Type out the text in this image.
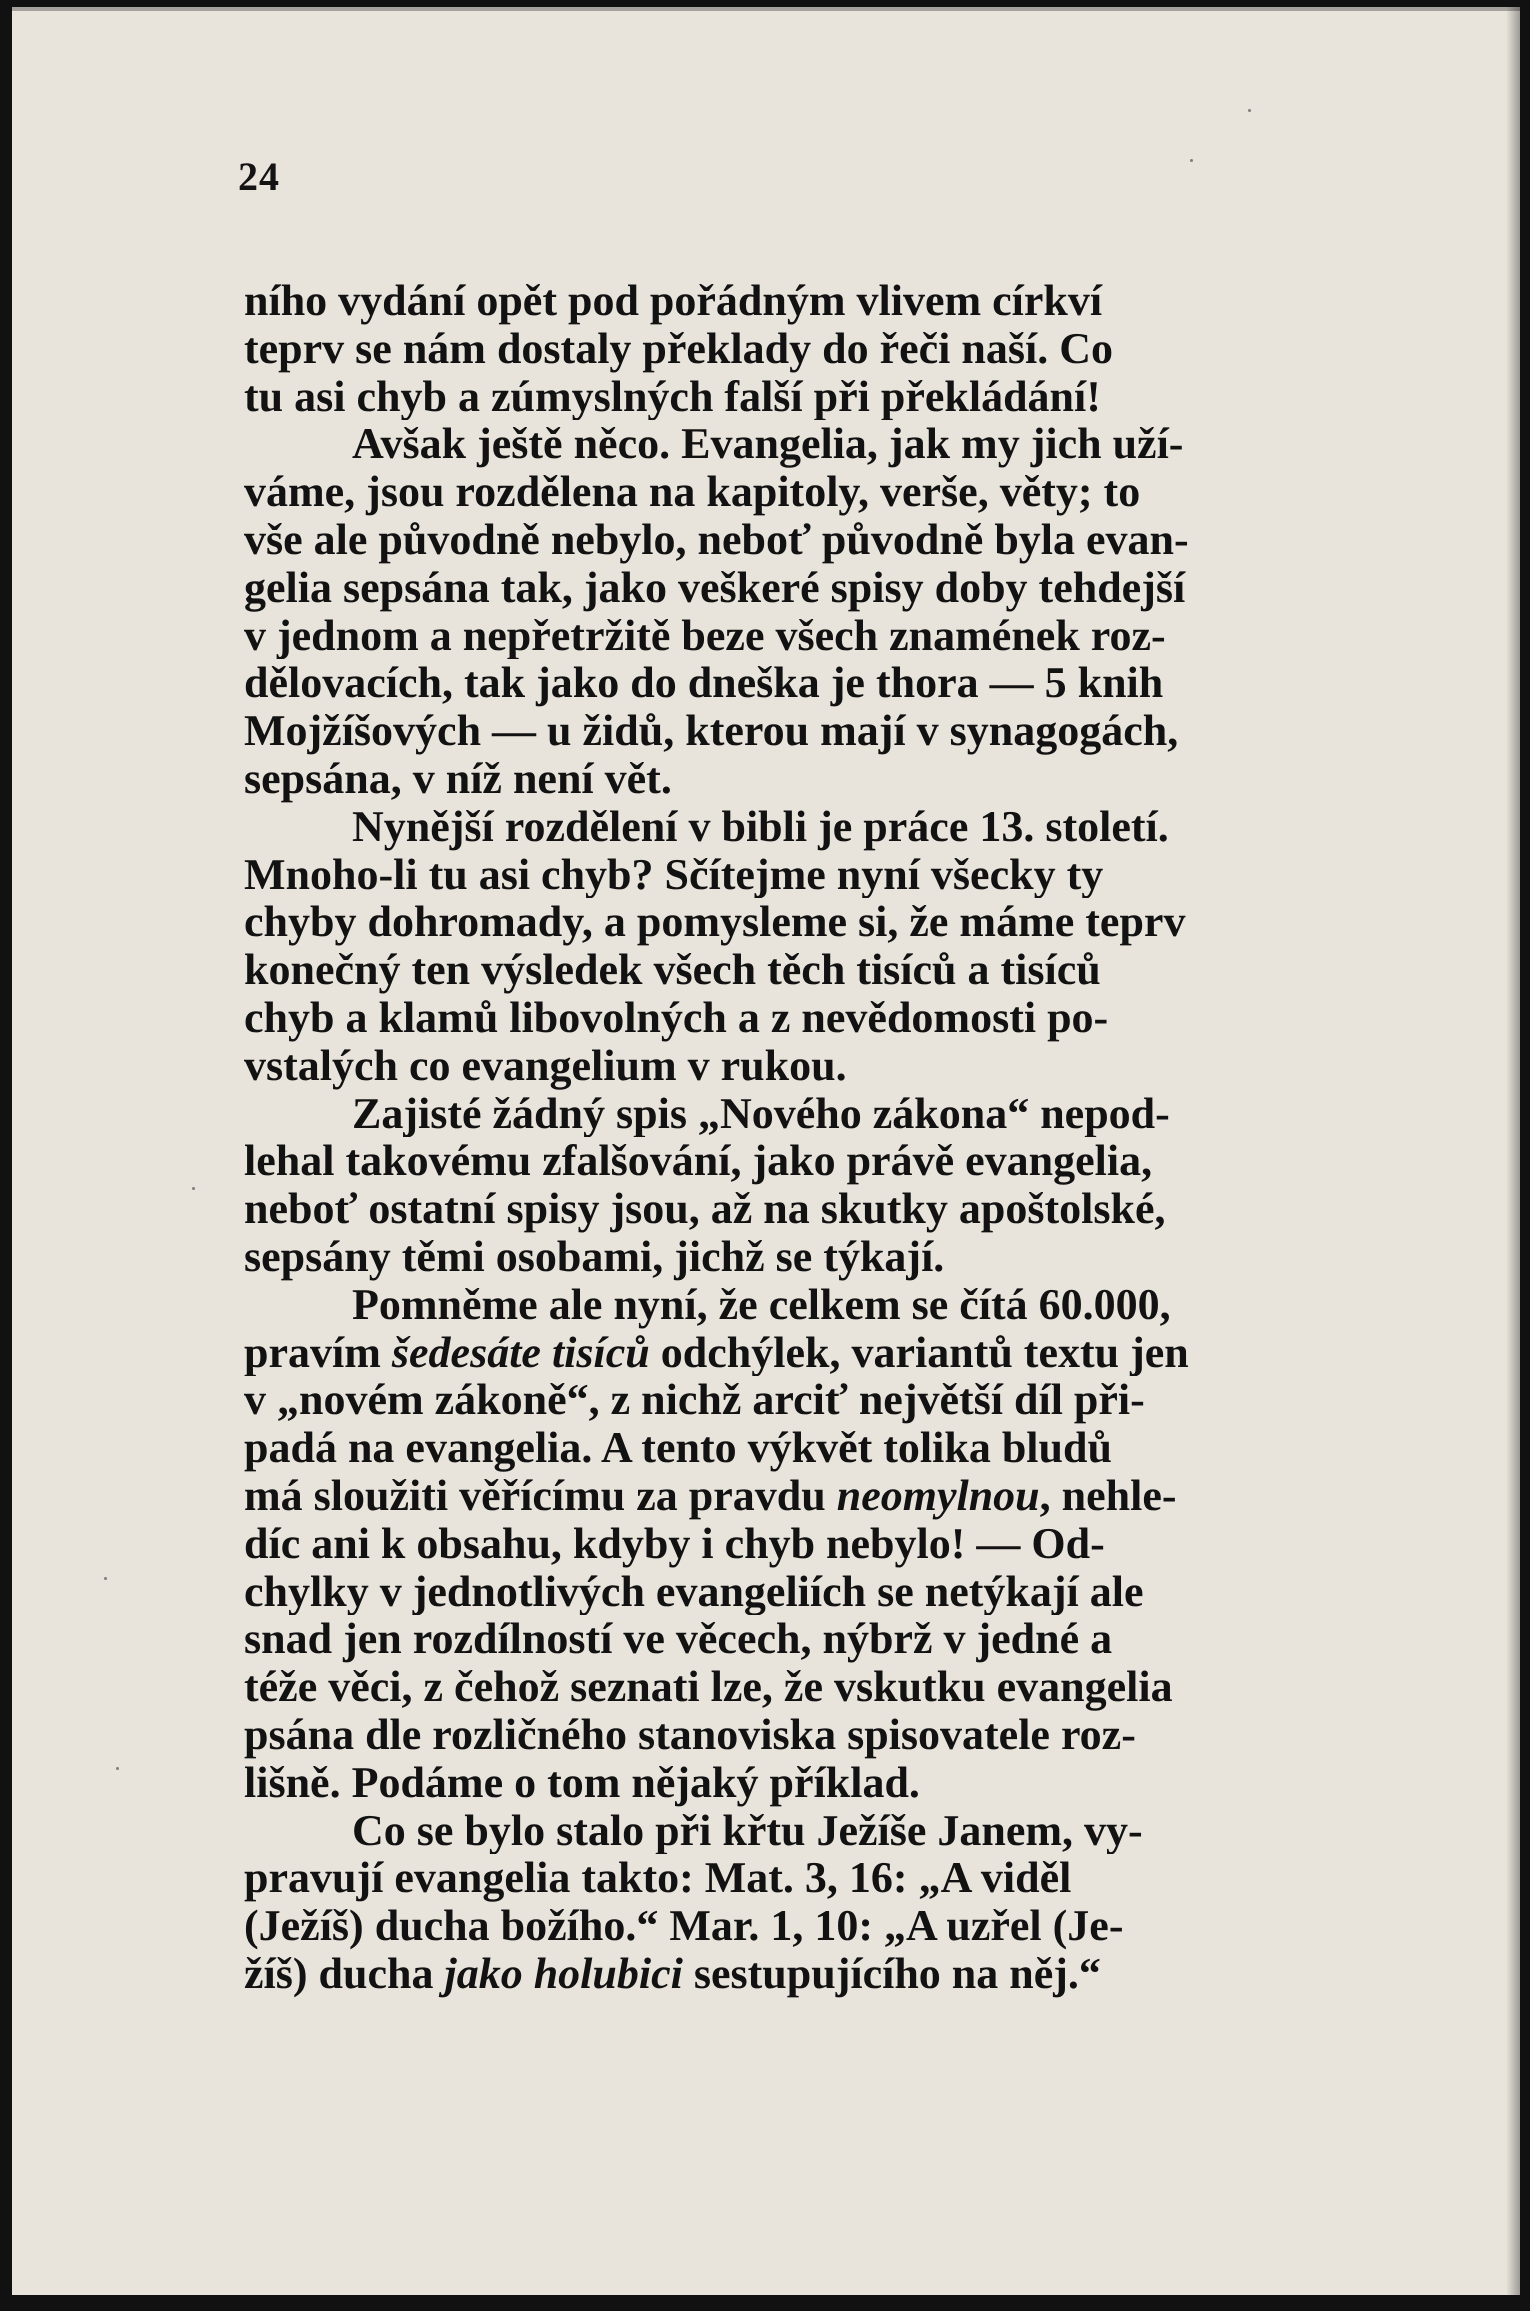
24
ního vydání opět pod pořádným vlivem církví
teprv se nám dostaly překlady do řeči naší. Co
tu asi chyb a zúmyslných falší při překládání!
Avšak ještě něco. Evangelia, jak my jich uží-
váme, jsou rozdělena na kapitoly, verše, věty; to
vše ale původně nebylo, neboť původně byla evan-
gelia sepsána tak, jako veškeré spisy doby tehdejší
v jednom a nepřetržitě beze všech znamének roz-
dělovacích, tak jako do dneška je thora — 5 knih
Mojžíšových — u židů, kterou mají v synagogách,
sepsána, v níž není vět.
Nynější rozdělení v bibli je práce 13. století.
Mnoho-li tu asi chyb? Sčítejme nyní všecky ty
chyby dohromady, a pomysleme si, že máme teprv
konečný ten výsledek všech těch tisíců a tisíců
chyb a klamů libovolných a z nevědomosti po-
vstalých co evangelium v rukou.
Zajisté žádný spis „Nového zákona“ nepod-
lehal takovému zfalšování, jako právě evangelia,
neboť ostatní spisy jsou, až na skutky apoštolské,
sepsány těmi osobami, jichž se týkají.
Pomněme ale nyní, že celkem se čítá 60.000,
pravím šedesáte tisíců odchýlek, variantů textu jen
v „novém zákoně“, z nichž arciť největší díl při-
padá na evangelia. A tento výkvět tolika bludů
má sloužiti věřícímu za pravdu neomylnou, nehle-
díc ani k obsahu, kdyby i chyb nebylo! — Od-
chylky v jednotlivých evangeliích se netýkají ale
snad jen rozdílností ve věcech, nýbrž v jedné a
téže věci, z čehož seznati lze, že vskutku evangelia
psána dle rozličného stanoviska spisovatele roz-
lišně. Podáme o tom nějaký příklad.
Co se bylo stalo při křtu Ježíše Janem, vy-
pravují evangelia takto: Mat. 3, 16: „A viděl
(Ježíš) ducha božího.“ Mar. 1, 10: „A uzřel (Je-
žíš) ducha jako holubici sestupujícího na něj.“
